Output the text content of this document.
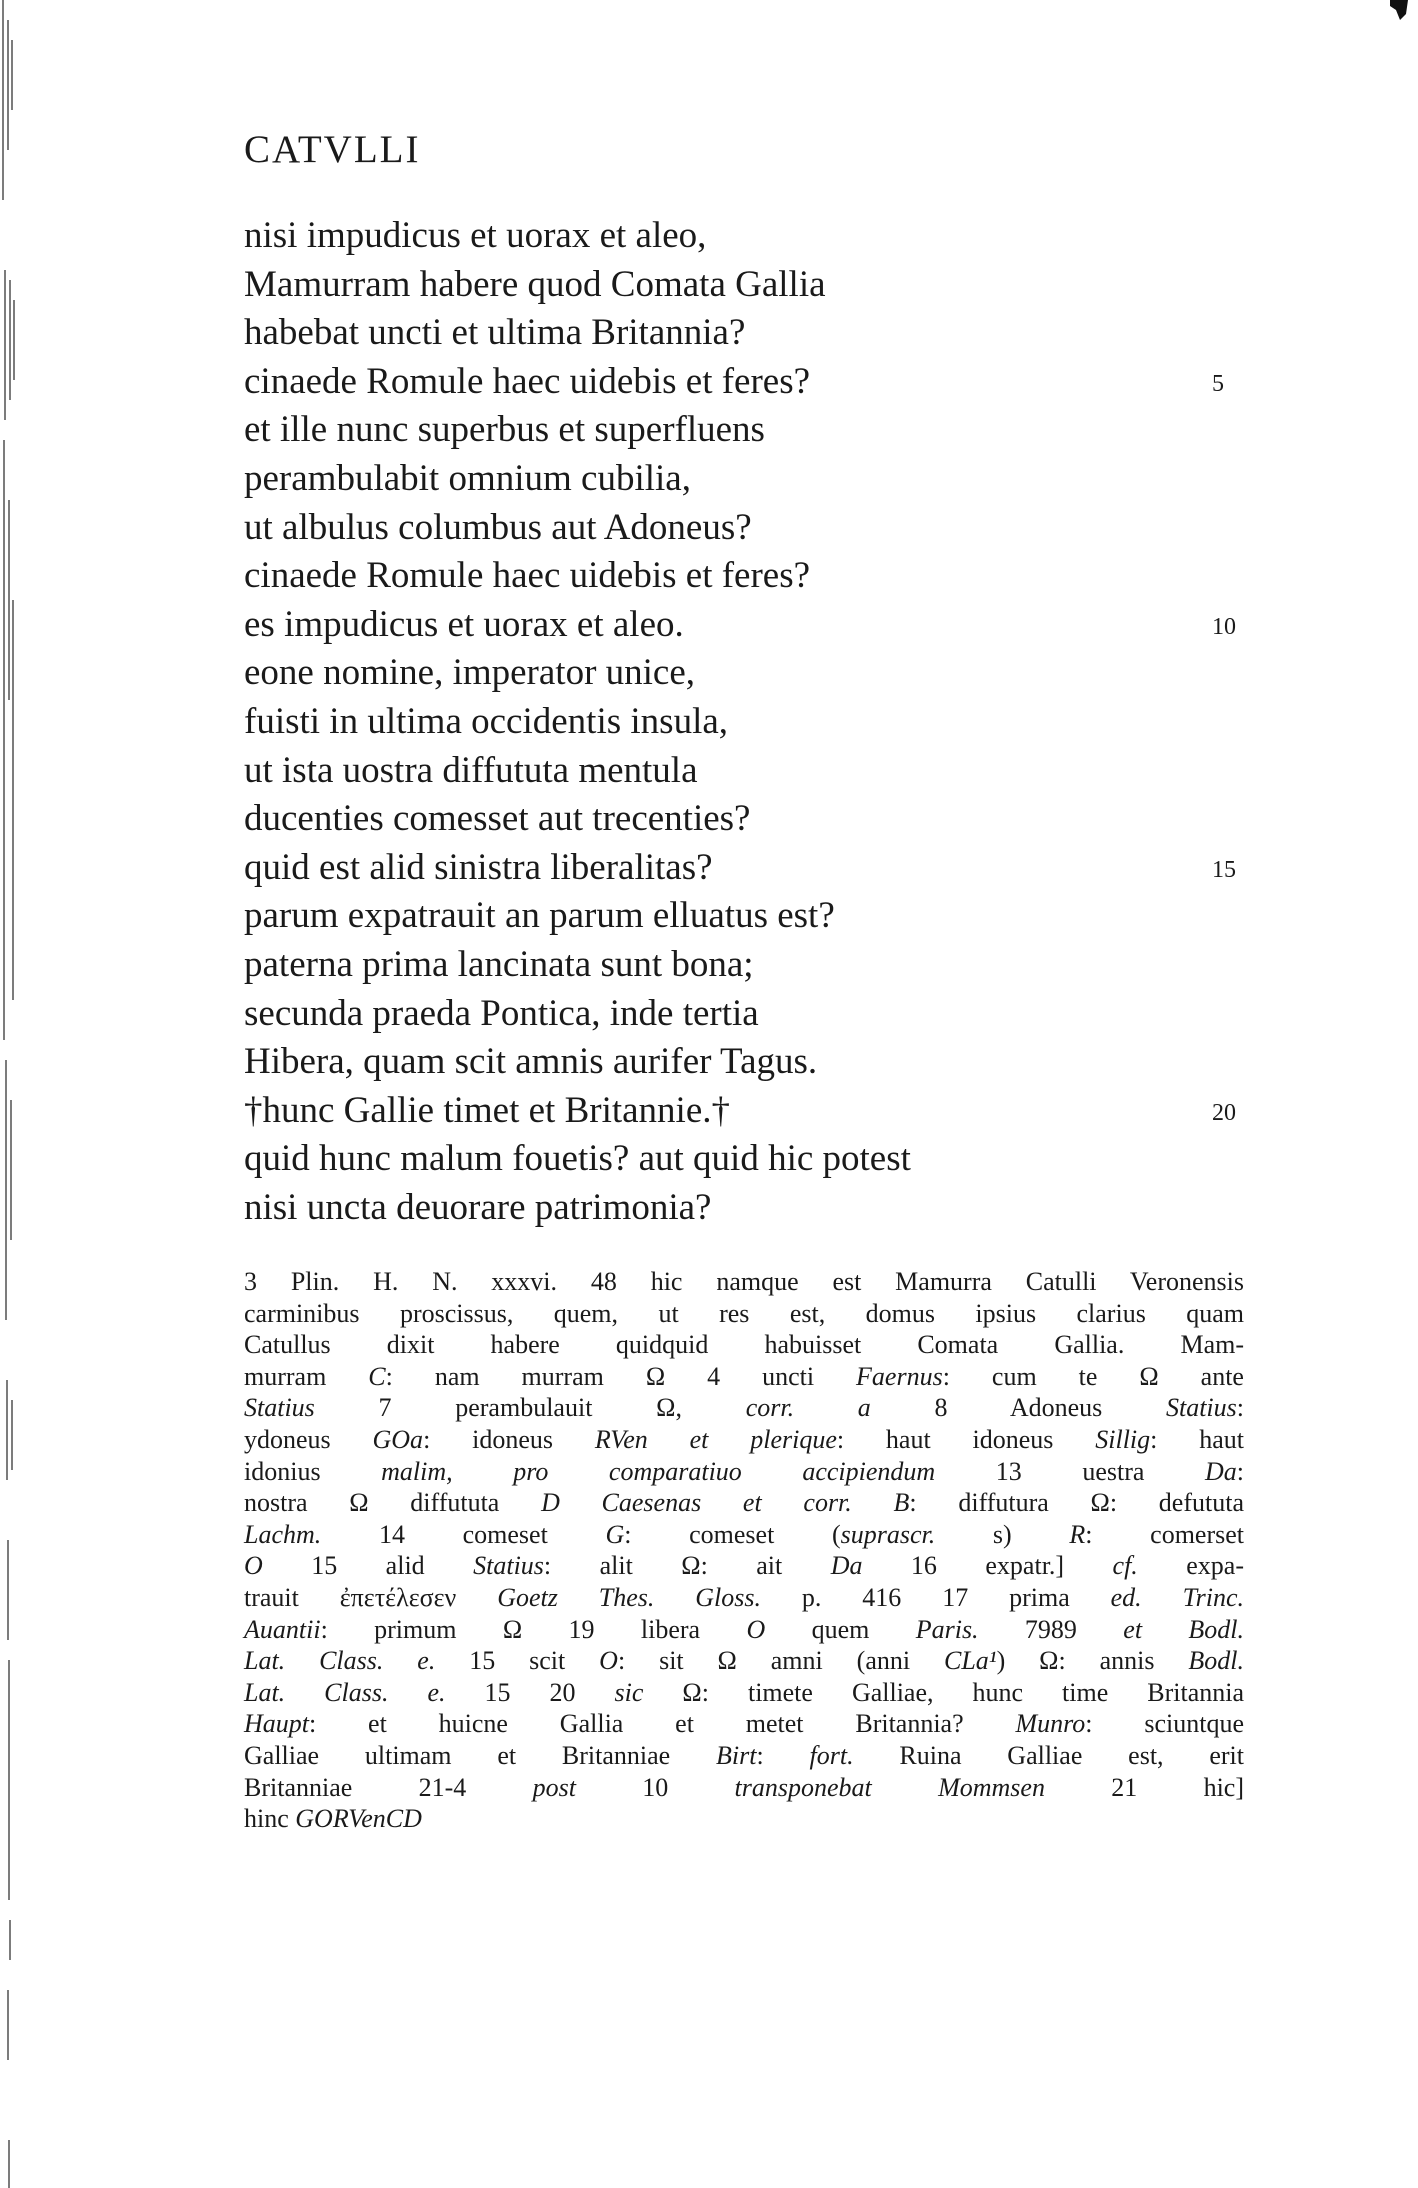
CATVLLI
nisi impudicus et uorax et aleo,
Mamurram habere quod Comata Gallia
habebat uncti et ultima Britannia?
cinaede Romule haec uidebis et feres?	5
et ille nunc superbus et superfluens
perambulabit omnium cubilia,
ut albulus columbus aut Adoneus?
cinaede Romule haec uidebis et feres?
es impudicus et uorax et aleo.	10
eone nomine, imperator unice,
fuisti in ultima occidentis insula,
ut ista uostra diffututa mentula
ducenties comesset aut trecenties?
quid est alid sinistra liberalitas?	15
parum expatrauit an parum elluatus est?
paterna prima lancinata sunt bona;
secunda praeda Pontica, inde tertia
Hibera, quam scit amnis aurifer Tagus.
†hunc Gallie timet et Britannie.†	20
quid hunc malum fouetis? aut quid hic potest
nisi uncta deuorare patrimonia?
3 Plin. H. N. xxxvi. 48 hic namque est Mamurra Catulli Veronensis
carminibus proscissus, quem, ut res est, domus ipsius clarius quam
Catullus dixit habere quidquid habuisset Comata Gallia. Mam-
murram C: nam murram Ω 4 uncti Faernus: cum te Ω ante
Statius 7 perambulauit Ω, corr. a 8 Adoneus Statius:
ydoneus GOa: idoneus RVen et plerique: haut idoneus Sillig: haut
idonius malim, pro comparatiuo accipiendum 13 uestra Da:
nostra Ω diffututa D Caesenas et corr. B: diffutura Ω: defututa
Lachm. 14 comeset G: comeset (suprascr. s) R: comerset
O 15 alid Statius: alit Ω: ait Da 16 expatr.] cf. expa-
trauit ἐπετέλεσεν Goetz Thes. Gloss. p. 416 17 prima ed. Trinc.
Auantii: primum Ω 19 libera O quem Paris. 7989 et Bodl.
Lat. Class. e. 15 scit O: sit Ω amni (anni CLa¹) Ω: annis Bodl.
Lat. Class. e. 15 20 sic Ω: timete Galliae, hunc time Britannia
Haupt: et huicne Gallia et metet Britannia? Munro: sciuntque
Galliae ultimam et Britanniae Birt: fort. Ruina Galliae est, erit
Britanniae 21-4 post 10 transponebat Mommsen 21 hic]
hinc GORVenCD
